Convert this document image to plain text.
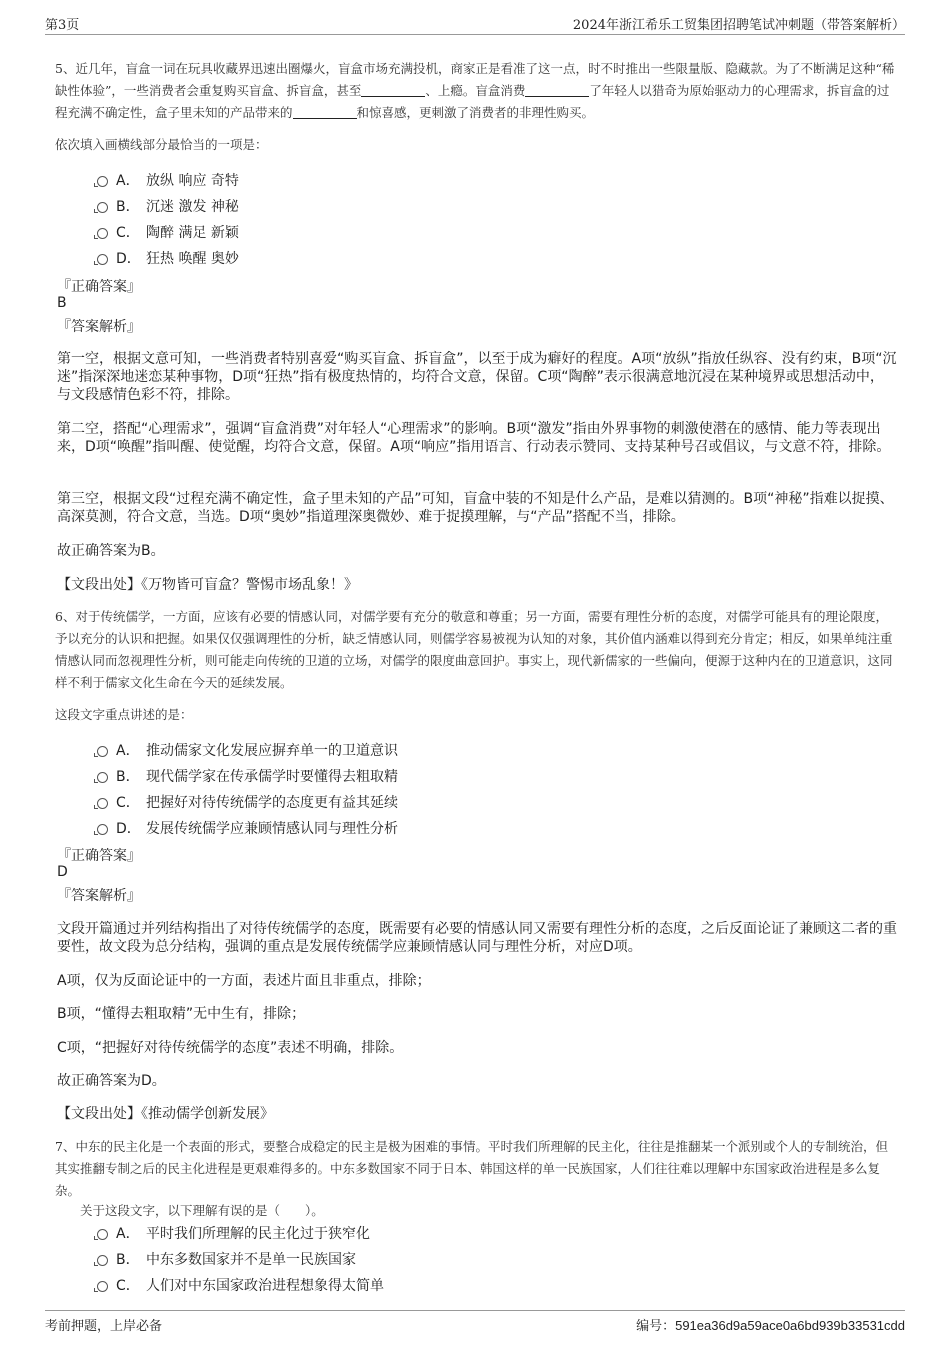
第3页	2024年浙江希乐工贸集团招聘笔试冲刺题（带答案解析）
5、近几年，盲盒一词在玩具收藏界迅速出圈爆火，盲盒市场充满投机，商家正是看准了这一点，时不时推出一些限量版、隐藏款。为了不断满足这种“稀缺性体验”，一些消费者会重复购买盲盒、拆盲盒，甚至	、上瘾。盲盒消费	了年轻人以猎奇为原始驱动力的心理需求，拆盲盒的过程充满不确定性，盒子里未知的产品带来的	和惊喜感，更刺激了消费者的非理性购买。
依次填入画横线部分最恰当的一项是：
A． 放纵 响应 奇特
B． 沉迷 激发 神秘
C． 陶醉 满足 新颖
D． 狂热 唤醒 奥妙
『正确答案』
B
『答案解析』
第一空，根据文意可知，一些消费者特别喜爱“购买盲盒、拆盲盒”，以至于成为癖好的程度。A项“放纵”指放任纵容、没有约束，B项“沉迷”指深深地迷恋某种事物，D项“狂热”指有极度热情的，均符合文意，保留。C项“陶醉”表示很满意地沉浸在某种境界或思想活动中，与文段感情色彩不符，排除。
第二空，搭配“心理需求”，强调“盲盒消费”对年轻人“心理需求”的影响。B项“激发”指由外界事物的刺激使潜在的感情、能力等表现出来，D项“唤醒”指叫醒、使觉醒，均符合文意，保留。A项“响应”指用语言、行动表示赞同、支持某种号召或倡议，与文意不符，排除。
第三空，根据文段“过程充满不确定性，盒子里未知的产品”可知，盲盒中装的不知是什么产品，是难以猜测的。B项“神秘”指难以捉摸、高深莫测，符合文意，当选。D项“奥妙”指道理深奥微妙、难于捉摸理解，与“产品”搭配不当，排除。
故正确答案为B。
【文段出处】《万物皆可盲盒？警惕市场乱象！》
6、对于传统儒学，一方面，应该有必要的情感认同，对儒学要有充分的敬意和尊重；另一方面，需要有理性分析的态度，对儒学可能具有的理论限度，予以充分的认识和把握。如果仅仅强调理性的分析，缺乏情感认同，则儒学容易被视为认知的对象，其价值内涵难以得到充分肯定；相反，如果单纯注重情感认同而忽视理性分析，则可能走向传统的卫道的立场，对儒学的限度曲意回护。事实上，现代新儒家的一些偏向，便源于这种内在的卫道意识，这同样不利于儒家文化生命在今天的延续发展。
这段文字重点讲述的是：
A． 推动儒家文化发展应摒弃单一的卫道意识
B． 现代儒学家在传承儒学时要懂得去粗取精
C． 把握好对待传统儒学的态度更有益其延续
D． 发展传统儒学应兼顾情感认同与理性分析
『正确答案』
D
『答案解析』
文段开篇通过并列结构指出了对待传统儒学的态度，既需要有必要的情感认同又需要有理性分析的态度，之后反面论证了兼顾这二者的重要性，故文段为总分结构，强调的重点是发展传统儒学应兼顾情感认同与理性分析，对应D项。
A项，仅为反面论证中的一方面，表述片面且非重点，排除；
B项，“懂得去粗取精”无中生有，排除；
C项，“把握好对待传统儒学的态度”表述不明确，排除。
故正确答案为D。
【文段出处】《推动儒学创新发展》
7、中东的民主化是一个表面的形式，要整合成稳定的民主是极为困难的事情。平时我们所理解的民主化，往往是推翻某一个派别或个人的专制统治，但其实推翻专制之后的民主化进程是更艰难得多的。中东多数国家不同于日本、韩国这样的单一民族国家，人们往往难以理解中东国家政治进程是多么复杂。
关于这段文字，以下理解有误的是（　　）。
A． 平时我们所理解的民主化过于狭窄化
B． 中东多数国家并不是单一民族国家
C． 人们对中东国家政治进程想象得太简单
考前押题，上岸必备	编号：591ea36d9a59ace0a6bd939b33531cdd
